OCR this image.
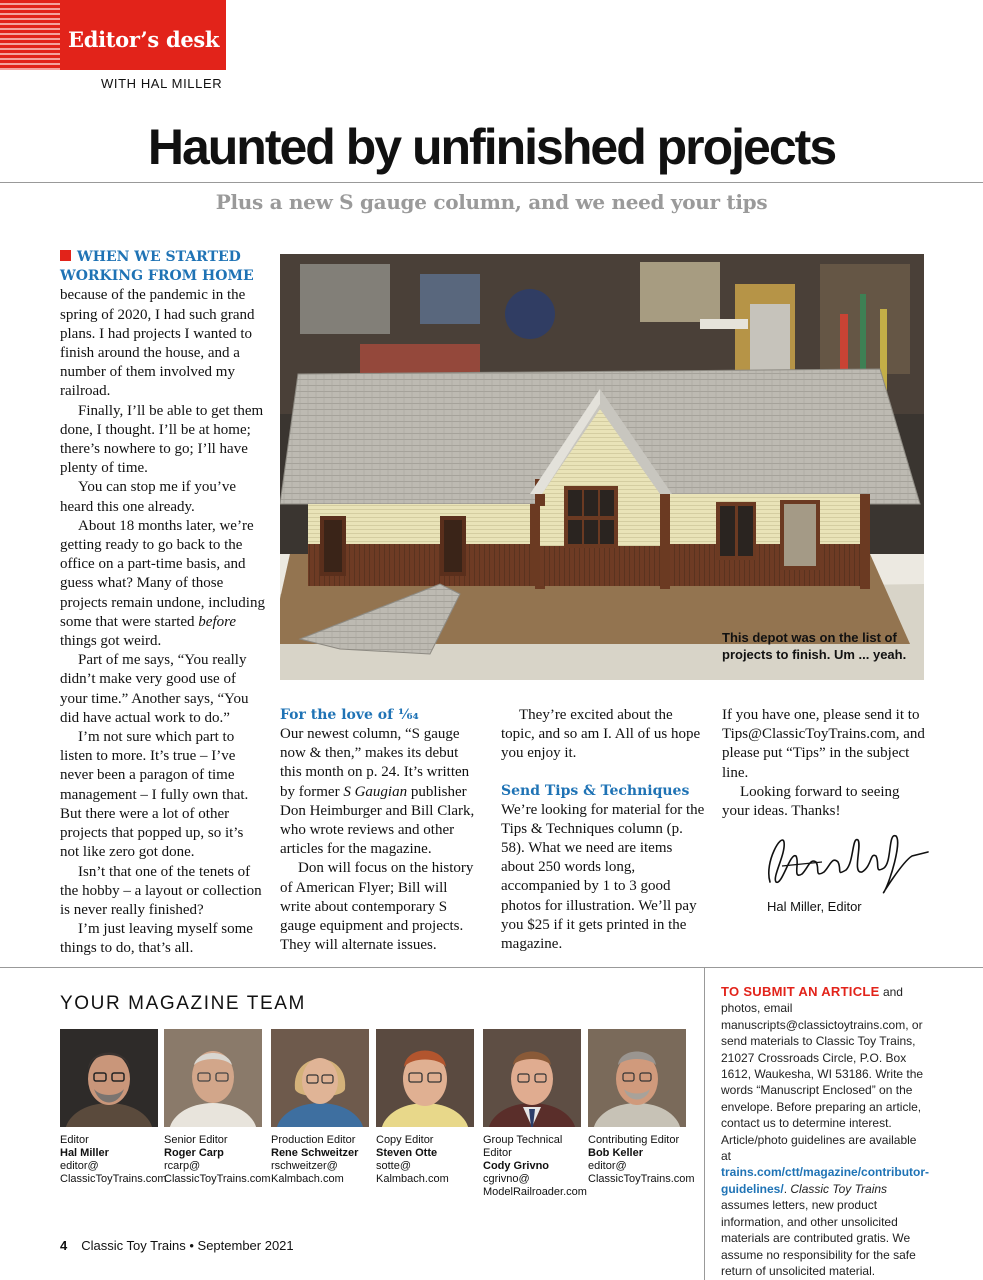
Editor’s desk
WITH HAL MILLER
Haunted by unfinished projects
Plus a new S gauge column, and we need your tips

WHEN WE STARTED WORKING FROM HOME because of the pandemic in the spring of 2020, I had such grand plans. I had projects I wanted to finish around the house, and a number of them involved my railroad.

Finally, I’ll be able to get them done, I thought. I’ll be at home; there’s nowhere to go; I’ll have plenty of time.

You can stop me if you’ve heard this one already.

About 18 months later, we’re getting ready to go back to the office on a part-time basis, and guess what? Many of those projects remain undone, including some that were started before things got weird.

Part of me says, “You really didn’t make very good use of your time.” Another says, “You did have actual work to do.”

I’m not sure which part to listen to more. It’s true – I’ve never been a paragon of time management – I fully own that. But there were a lot of other projects that popped up, so it’s not like zero got done.

Isn’t that one of the tenets of the hobby – a layout or collection is never really finished?

I’m just leaving myself some things to do, that’s all.

This depot was on the list of projects to finish. Um ... yeah.
For the love of ¹⁄₆₄

Our newest column, “S gauge now & then,” makes its debut this month on p. 24. It’s written by former S Gaugian publisher Don Heimburger and Bill Clark, who wrote reviews and other articles for the magazine.

Don will focus on the history of American Flyer; Bill will write about contemporary S gauge equipment and projects. They will alternate issues.

They’re excited about the topic, and so am I. All of us hope you enjoy it.

Send Tips & Techniques

We’re looking for material for the Tips & Techniques column (p. 58). What we need are items about 250 words long, accompanied by 1 to 3 good photos for illustration. We’ll pay you $25 if it gets printed in the magazine.

If you have one, please send it to Tips@ClassicToyTrains.com, and please put “Tips” in the subject line.

Looking forward to seeing your ideas. Thanks!

Hal Miller, Editor
YOUR MAGAZINE TEAM
Editor
Hal Miller
editor@
ClassicToyTrains.com
Senior Editor
Roger Carp
rcarp@
ClassicToyTrains.com
Production Editor
Rene Schweitzer
rschweitzer@
Kalmbach.com
Copy Editor
Steven Otte
sotte@
Kalmbach.com
Group Technical Editor
Cody Grivno
cgrivno@
ModelRailroader.com
Contributing Editor
Bob Keller
editor@
ClassicToyTrains.com
TO SUBMIT AN ARTICLE and photos, email manuscripts@classictoytrains.com, or send materials to Classic Toy Trains, 21027 Crossroads Circle, P.O. Box 1612, Waukesha, WI 53186. Write the words “Manuscript Enclosed” on the envelope. Before preparing an article, contact us to determine interest. Article/photo guidelines are available at trains.com/ctt/magazine/contributor-guidelines/. Classic Toy Trains assumes letters, new product information, and other unsolicited materials are contributed gratis. We assume no responsibility for the safe return of unsolicited material.
4 Classic Toy Trains • September 2021
